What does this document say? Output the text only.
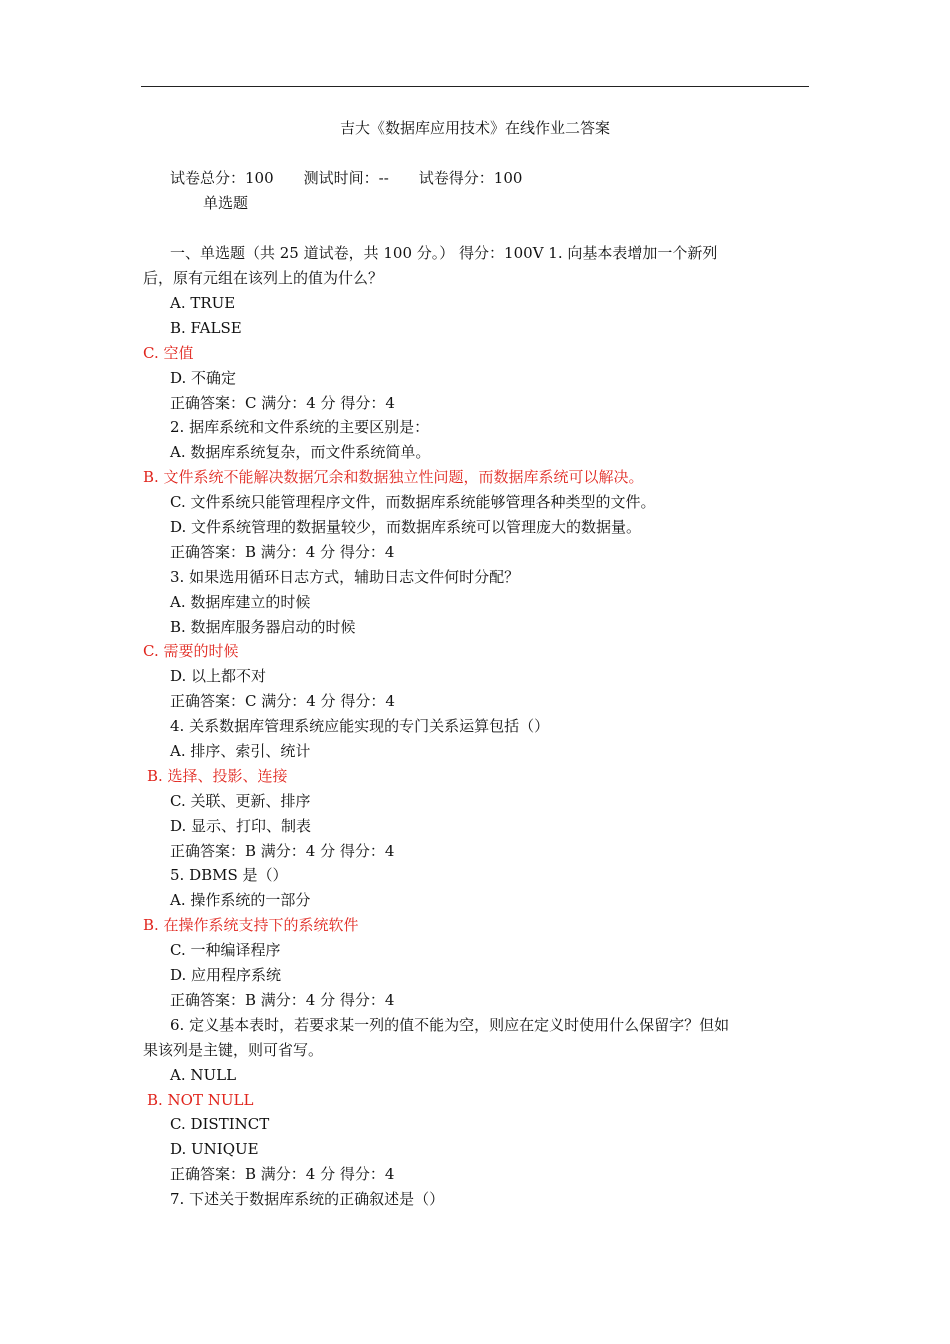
吉大《数据库应用技术》在线作业二答案
试卷总分：100 测试时间：-- 试卷得分：100
单选题
一、单选题（共 25 道试卷，共 100 分。） 得分：100V 1. 向基本表增加一个新列
后，原有元组在该列上的值为什么？
A. TRUE
B. FALSE
C. 空值
D. 不确定
正确答案：C 满分：4 分 得分：4
2. 据库系统和文件系统的主要区别是：
A. 数据库系统复杂，而文件系统简单。
B. 文件系统不能解决数据冗余和数据独立性问题，而数据库系统可以解决。
C. 文件系统只能管理程序文件，而数据库系统能够管理各种类型的文件。
D. 文件系统管理的数据量较少，而数据库系统可以管理庞大的数据量。
正确答案：B 满分：4 分 得分：4
3. 如果选用循环日志方式，辅助日志文件何时分配？
A. 数据库建立的时候
B. 数据库服务器启动的时候
C. 需要的时候
D. 以上都不对
正确答案：C 满分：4 分 得分：4
4. 关系数据库管理系统应能实现的专门关系运算包括（）
A. 排序、索引、统计
B. 选择、投影、连接
C. 关联、更新、排序
D. 显示、打印、制表
正确答案：B 满分：4 分 得分：4
5. DBMS 是（）
A. 操作系统的一部分
B. 在操作系统支持下的系统软件
C. 一种编译程序
D. 应用程序系统
正确答案：B 满分：4 分 得分：4
6. 定义基本表时，若要求某一列的值不能为空，则应在定义时使用什么保留字？但如
果该列是主键，则可省写。
A. NULL
B. NOT NULL
C. DISTINCT
D. UNIQUE
正确答案：B 满分：4 分 得分：4
7. 下述关于数据库系统的正确叙述是（）
